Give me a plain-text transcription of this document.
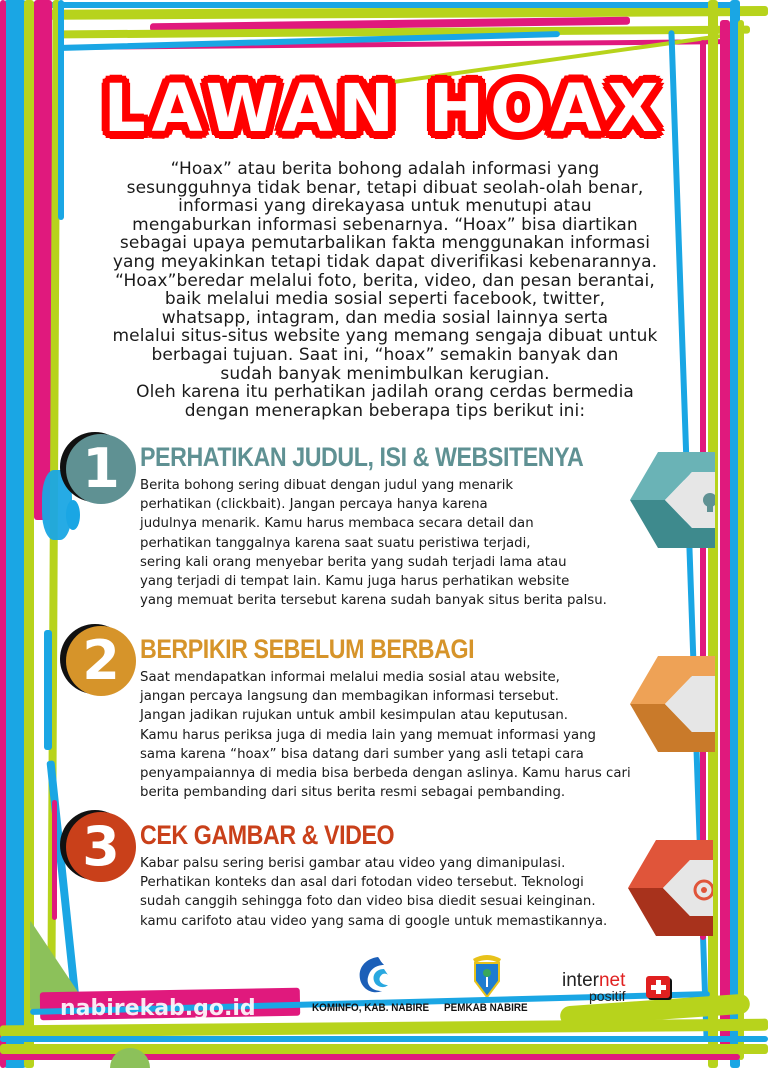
nabirekab.go.id
LAWAN HOAX
“Hoax” atau berita bohong adalah informasi yang
sesungguhnya tidak benar, tetapi dibuat seolah-olah benar,
informasi yang direkayasa untuk menutupi atau
mengaburkan informasi sebenarnya. “Hoax” bisa diartikan
sebagai upaya pemutarbalikan fakta menggunakan informasi
yang meyakinkan tetapi tidak dapat diverifikasi kebenarannya.
“Hoax”beredar melalui foto, berita, video, dan pesan berantai,
baik melalui media sosial seperti facebook, twitter,
whatsapp, intagram, dan media sosial lainnya serta
melalui situs-situs website yang memang sengaja dibuat untuk
berbagai tujuan. Saat ini, “hoax” semakin banyak dan
sudah banyak menimbulkan kerugian.
Oleh karena itu perhatikan jadilah orang cerdas bermedia
dengan menerapkan beberapa tips berikut ini:
1 PERHATIKAN JUDUL, ISI & WEBSITENYA
Berita bohong sering dibuat dengan judul yang menarik
perhatikan (clickbait). Jangan percaya hanya karena
judulnya menarik. Kamu harus membaca secara detail dan
perhatikan tanggalnya karena saat suatu peristiwa terjadi,
sering kali orang menyebar berita yang sudah terjadi lama atau
yang terjadi di tempat lain. Kamu juga harus perhatikan website
yang memuat berita tersebut karena sudah banyak situs berita palsu.
2 BERPIKIR SEBELUM BERBAGI
Saat mendapatkan informai melalui media sosial atau website,
jangan percaya langsung dan membagikan informasi tersebut.
Jangan jadikan rujukan untuk ambil kesimpulan atau keputusan.
Kamu harus periksa juga di media lain yang memuat informasi yang
sama karena “hoax” bisa datang dari sumber yang asli tetapi cara
penyampaiannya di media bisa berbeda dengan aslinya. Kamu harus cari
berita pembanding dari situs berita resmi sebagai pembanding.
3 CEK GAMBAR & VIDEO
Kabar palsu sering berisi gambar atau video yang dimanipulasi.
Perhatikan konteks dan asal dari fotodan video tersebut. Teknologi
sudah canggih sehingga foto dan video bisa diedit sesuai keinginan.
kamu carifoto atau video yang sama di google untuk memastikannya.
KOMINFO, KAB. NABIRE PEMKAB NABIRE
internet
positif
